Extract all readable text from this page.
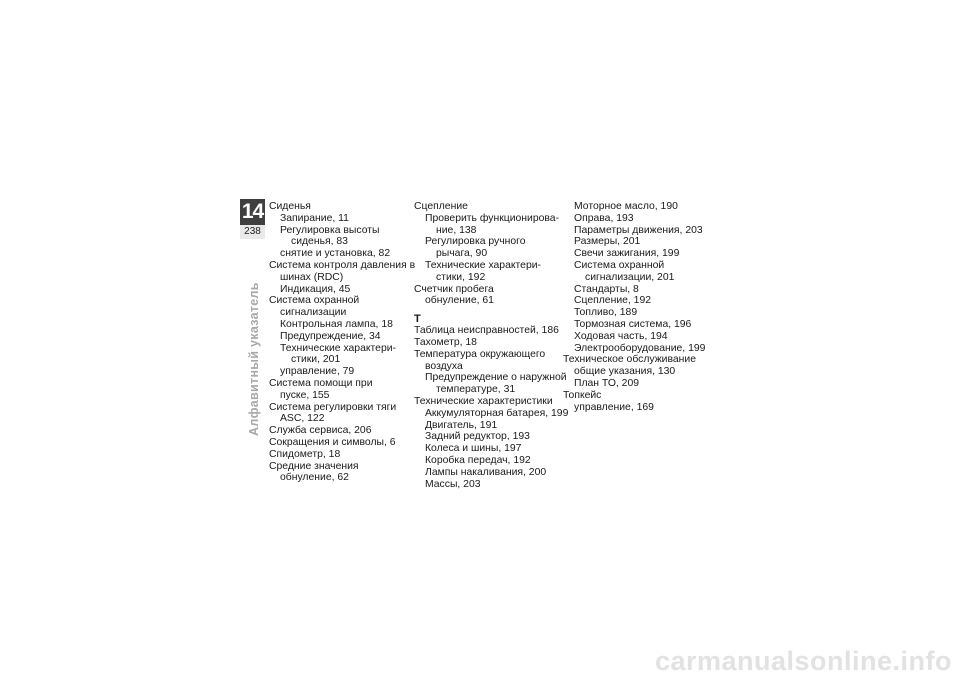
14
238
Алфавитный указатель
Сиденья
Запирание, 11
Регулировка высоты
сиденья, 83
снятие и установка, 82
Система контроля давления в
шинах (RDC)
Индикация, 45
Система охранной
сигнализации
Контрольная лампа, 18
Предупреждение, 34
Технические характери-
стики, 201
управление, 79
Система помощи при
пуске, 155
Система регулировки тяги
ASC, 122
Служба сервиса, 206
Сокращения и символы, 6
Спидометр, 18
Средние значения
обнуление, 62
Сцепление
Проверить функционирова-
ние, 138
Регулировка ручного
рычага, 90
Технические характери-
стики, 192
Счетчик пробега
обнуление, 61
Т
Таблица неисправностей, 186
Тахометр, 18
Температура окружающего
воздуха
Предупреждение о наружной
температуре, 31
Технические характеристики
Аккумуляторная батарея, 199
Двигатель, 191
Задний редуктор, 193
Колеса и шины, 197
Коробка передач, 192
Лампы накаливания, 200
Массы, 203
Моторное масло, 190
Оправа, 193
Параметры движения, 203
Размеры, 201
Свечи зажигания, 199
Система охранной
сигнализации, 201
Стандарты, 8
Сцепление, 192
Топливо, 189
Тормозная система, 196
Ходовая часть, 194
Электрооборудование, 199
Техническое обслуживание
общие указания, 130
План ТО, 209
Топкейс
управление, 169
carmanualsonline.info
